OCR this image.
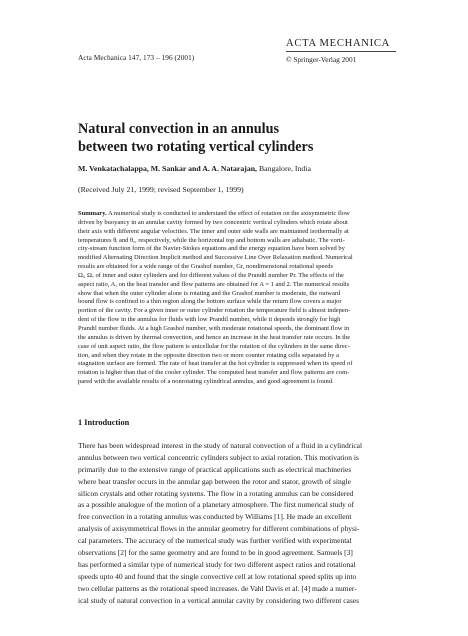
Acta Mechanica 147, 173 – 196 (2001)
ACTA MECHANICA
© Springer-Verlag 2001
Natural convection in an annulus
between two rotating vertical cylinders
M. Venkatachalappa, M. Sankar and A. A. Natarajan, Bangalore, India
(Received July 21, 1999; revised September 1, 1999)
Summary. A numerical study is conducted to understand the effect of rotation on the axisymmetric flow
driven by buoyancy in an annular cavity formed by two concentric vertical cylinders which rotate about
their axis with different angular velocities. The inner and outer side walls are maintained isothermally at
temperatures θᵢ and θₒ, respectively, while the horizontal top and bottom walls are adiabatic. The vorti-
city-stream function form of the Navier-Stokes equations and the energy equation have been solved by
modified Alternating Direction Implicit method and Successive Line Over Relaxation method. Numerical
results are obtained for a wide range of the Grashof number, Gr, nondimensional rotational speeds
Ωᵢ, Ωₒ of inner and outer cylinders and for different values of the Prandtl number Pr. The effects of the
aspect ratio, A, on the heat transfer and flow patterns are obtained for A = 1 and 2. The numerical results
show that when the outer cylinder alone is rotating and the Grashof number is moderate, the outward
bound flow is confined to a thin region along the bottom surface while the return flow covers a major
portion of the cavity. For a given inner or outer cylinder rotation the temperature field is almost indepen-
dent of the flow in the annulus for fluids with low Prandtl number, while it depends strongly for high
Prandtl number fluids. At a high Grashof number, with moderate rotational speeds, the dominant flow in
the annulus is driven by thermal convection, and hence an increase in the heat transfer rate occurs. In the
case of unit aspect ratio, the flow pattern is unicellular for the rotation of the cylinders in the same direc-
tion, and when they rotate in the opposite direction two or more counter rotating cells separated by a
stagnation surface are formed. The rate of heat transfer at the hot cylinder is suppressed when its speed of
rotation is higher than that of the cooler cylinder. The computed heat transfer and flow patterns are com-
pared with the available results of a nonrotating cylindrical annulus, and good agreement is found.
1 Introduction
There has been widespread interest in the study of natural convection of a fluid in a cylindrical
annulus between two vertical concentric cylinders subject to axial rotation. This motivation is
primarily due to the extensive range of practical applications such as electrical machineries
where heat transfer occurs in the annular gap between the rotor and stator, growth of single
silicon crystals and other rotating systems. The flow in a rotating annulus can be considered
as a possible analogue of the motion of a planetary atmosphere. The first numerical study of
free convection in a rotating annulus was conducted by Williams [1]. He made an excellent
analysis of axisymmetrical flows in the annular geometry for different combinations of physi-
cal parameters. The accuracy of the numerical study was further verified with experimental
observations [2] for the same geometry and are found to be in good agreement. Samuels [3]
has performed a similar type of numerical study for two different aspect ratios and rotational
speeds upto 40 and found that the single convective cell at low rotational speed splits up into
two cellular patterns as the rotational speed increases. de Vahl Davis et al. [4] made a numer-
ical study of natural convection in a vertical annular cavity by considering two different cases
